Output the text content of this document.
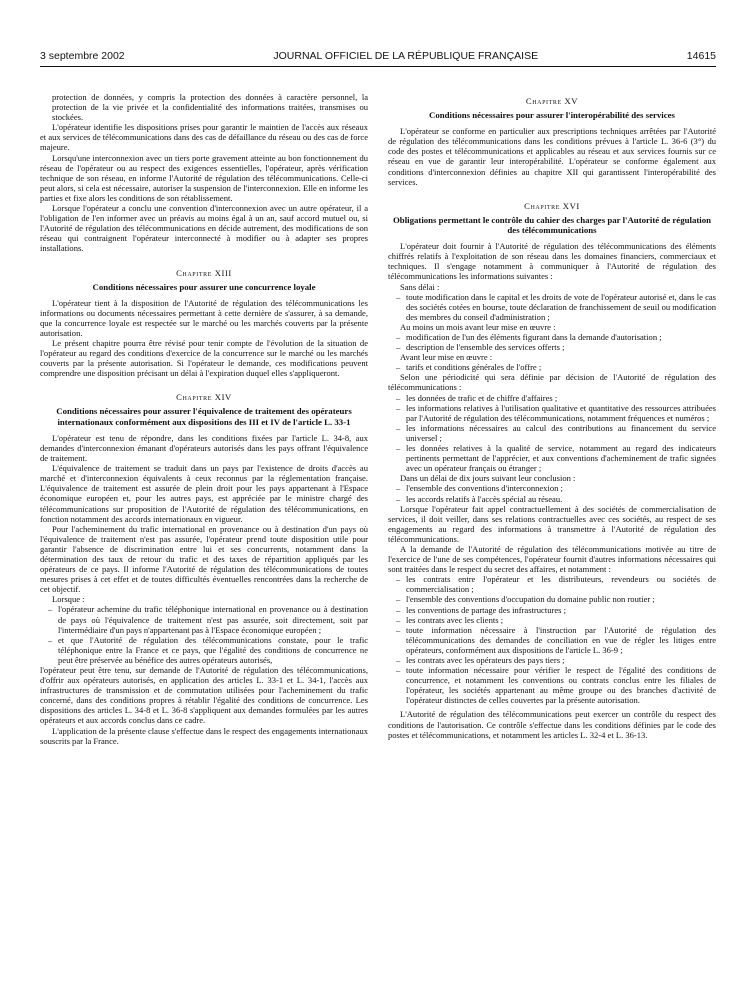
3 septembre 2002	JOURNAL OFFICIEL DE LA RÉPUBLIQUE FRANÇAISE	14615

protection de données, y compris la protection des données à caractère personnel, la protection de la vie privée et la confidentialité des informations traitées, transmises ou stockées.

L'opérateur identifie les dispositions prises pour garantir le maintien de l'accès aux réseaux et aux services de télécommunications dans des cas de défaillance du réseau ou des cas de force majeure.

Lorsqu'une interconnexion avec un tiers porte gravement atteinte au bon fonctionnement du réseau de l'opérateur ou au respect des exigences essentielles, l'opérateur, après vérification technique de son réseau, en informe l'Autorité de régulation des télécommunications. Celle-ci peut alors, si cela est nécessaire, autoriser la suspension de l'interconnexion. Elle en informe les parties et fixe alors les conditions de son rétablissement.

Lorsque l'opérateur a conclu une convention d'interconnexion avec un autre opérateur, il a l'obligation de l'en informer avec un préavis au moins égal à un an, sauf accord mutuel ou, si l'Autorité de régulation des télécommunications en décide autrement, des modifications de son réseau qui contraignent l'opérateur interconnecté à modifier ou à adapter ses propres installations.

Chapitre XIII
Conditions nécessaires pour assurer une concurrence loyale

L'opérateur tient à la disposition de l'Autorité de régulation des télécommunications les informations ou documents nécessaires permettant à cette dernière de s'assurer, à sa demande, que la concurrence loyale est respectée sur le marché ou les marchés couverts par la présente autorisation.

Le présent chapitre pourra être révisé pour tenir compte de l'évolution de la situation de l'opérateur au regard des conditions d'exercice de la concurrence sur le marché ou les marchés couverts par la présente autorisation. Si l'opérateur le demande, ces modifications peuvent comprendre une disposition précisant un délai à l'expiration duquel elles s'appliqueront.

Chapitre XIV
Conditions nécessaires pour assurer l'équivalence de traitement des opérateurs internationaux conformément aux dispositions des III et IV de l'article L. 33-1

L'opérateur est tenu de répondre, dans les conditions fixées par l'article L. 34-8, aux demandes d'interconnexion émanant d'opérateurs autorisés dans les pays offrant l'équivalence de traitement.

L'équivalence de traitement se traduit dans un pays par l'existence de droits d'accès au marché et d'interconnexion équivalents à ceux reconnus par la réglementation française. L'équivalence de traitement est assurée de plein droit pour les pays appartenant à l'Espace économique européen et, pour les autres pays, est appréciée par le ministre chargé des télécommunications sur proposition de l'Autorité de régulation des télécommunications, en fonction notamment des accords internationaux en vigueur.

Pour l'acheminement du trafic international en provenance ou à destination d'un pays où l'équivalence de traitement n'est pas assurée, l'opérateur prend toute disposition utile pour garantir l'absence de discrimination entre lui et ses concurrents, notamment dans la détermination des taux de retour du trafic et des taxes de répartition appliqués par les opérateurs de ce pays. Il informe l'Autorité de régulation des télécommunications de toutes mesures prises à cet effet et de toutes difficultés éventuelles rencontrées dans la recherche de cet objectif.

Lorsque :

– l'opérateur achemine du trafic téléphonique international en provenance ou à destination de pays où l'équivalence de traitement n'est pas assurée, soit directement, soit par l'intermédiaire d'un pays n'appartenant pas à l'Espace économique européen ;

– et que l'Autorité de régulation des télécommunications constate, pour le trafic téléphonique entre la France et ce pays, que l'égalité des conditions de concurrence ne peut être préservée au bénéfice des autres opérateurs autorisés,

l'opérateur peut être tenu, sur demande de l'Autorité de régulation des télécommunications, d'offrir aux opérateurs autorisés, en application des articles L. 33-1 et L. 34-1, l'accès aux infrastructures de transmission et de commutation utilisées pour l'acheminement du trafic concerné, dans des conditions propres à rétablir l'égalité des conditions de concurrence. Les dispositions des articles L. 34-8 et L. 36-8 s'appliquent aux demandes formulées par les autres opérateurs et aux accords conclus dans ce cadre.

L'application de la présente clause s'effectue dans le respect des engagements internationaux souscrits par la France.

Chapitre XV
Conditions nécessaires pour assurer l'interopérabilité des services

L'opérateur se conforme en particulier aux prescriptions techniques arrêtées par l'Autorité de régulation des télécommunications dans les conditions prévues à l'article L. 36-6 (3°) du code des postes et télécommunications et applicables au réseau et aux services fournis sur ce réseau en vue de garantir leur interopérabilité. L'opérateur se conforme également aux conditions d'interconnexion définies au chapitre XII qui garantissent l'interopérabilité des services.

Chapitre XVI
Obligations permettant le contrôle du cahier des charges par l'Autorité de régulation des télécommunications

L'opérateur doit fournir à l'Autorité de régulation des télécommunications des éléments chiffrés relatifs à l'exploitation de son réseau dans les domaines financiers, commerciaux et techniques. Il s'engage notamment à communiquer à l'Autorité de régulation des télécommunications les informations suivantes :

Sans délai :

– toute modification dans le capital et les droits de vote de l'opérateur autorisé et, dans le cas des sociétés cotées en bourse, toute déclaration de franchissement de seuil ou modification des membres du conseil d'administration ;

Au moins un mois avant leur mise en œuvre :

– modification de l'un des éléments figurant dans la demande d'autorisation ;

– description de l'ensemble des services offerts ;

Avant leur mise en œuvre :

– tarifs et conditions générales de l'offre ;

Selon une périodicité qui sera définie par décision de l'Autorité de régulation des télécommunications :

– les données de trafic et de chiffre d'affaires ;

– les informations relatives à l'utilisation qualitative et quantitative des ressources attribuées par l'Autorité de régulation des télécommunications, notamment fréquences et numéros ;

– les informations nécessaires au calcul des contributions au financement du service universel ;

– les données relatives à la qualité de service, notamment au regard des indicateurs pertinents permettant de l'apprécier, et aux conventions d'acheminement de trafic signées avec un opérateur français ou étranger ;

Dans un délai de dix jours suivant leur conclusion :

– l'ensemble des conventions d'interconnexion ;

– les accords relatifs à l'accès spécial au réseau.

Lorsque l'opérateur fait appel contractuellement à des sociétés de commercialisation de services, il doit veiller, dans ses relations contractuelles avec ces sociétés, au respect de ses engagements au regard des informations à transmettre à l'Autorité de régulation des télécommunications.

A la demande de l'Autorité de régulation des télécommunications motivée au titre de l'exercice de l'une de ses compétences, l'opérateur fournit d'autres informations nécessaires qui sont traitées dans le respect du secret des affaires, et notamment :

– les contrats entre l'opérateur et les distributeurs, revendeurs ou sociétés de commercialisation ;

– l'ensemble des conventions d'occupation du domaine public non routier ;

– les conventions de partage des infrastructures ;

– les contrats avec les clients ;

– toute information nécessaire à l'instruction par l'Autorité de régulation des télécommunications des demandes de conciliation en vue de régler les litiges entre opérateurs, conformément aux dispositions de l'article L. 36-9 ;

– les contrats avec les opérateurs des pays tiers ;

– toute information nécessaire pour vérifier le respect de l'égalité des conditions de concurrence, et notamment les conventions ou contrats conclus entre les filiales de l'opérateur, les sociétés appartenant au même groupe ou des branches d'activité de l'opérateur distinctes de celles couvertes par la présente autorisation.

L'Autorité de régulation des télécommunications peut exercer un contrôle du respect des conditions de l'autorisation. Ce contrôle s'effectue dans les conditions définies par le code des postes et télécommunications, et notamment les articles L. 32-4 et L. 36-13.
